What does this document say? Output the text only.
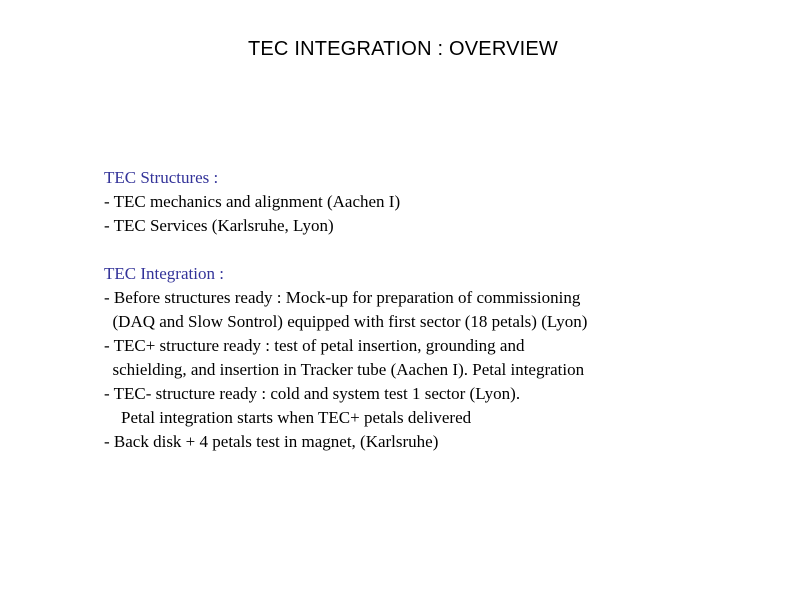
TEC INTEGRATION : OVERVIEW
TEC Structures :
- TEC mechanics and alignment (Aachen I)
- TEC Services (Karlsruhe, Lyon)
TEC Integration :
- Before structures ready : Mock-up for preparation of commissioning
(DAQ and Slow Sontrol) equipped with first sector (18 petals) (Lyon)
- TEC+ structure ready : test of petal insertion, grounding and
schielding, and insertion in Tracker tube (Aachen I). Petal integration
- TEC- structure ready : cold and system test 1 sector (Lyon).
Petal integration starts when TEC+ petals delivered
- Back disk + 4 petals test in magnet, (Karlsruhe)
